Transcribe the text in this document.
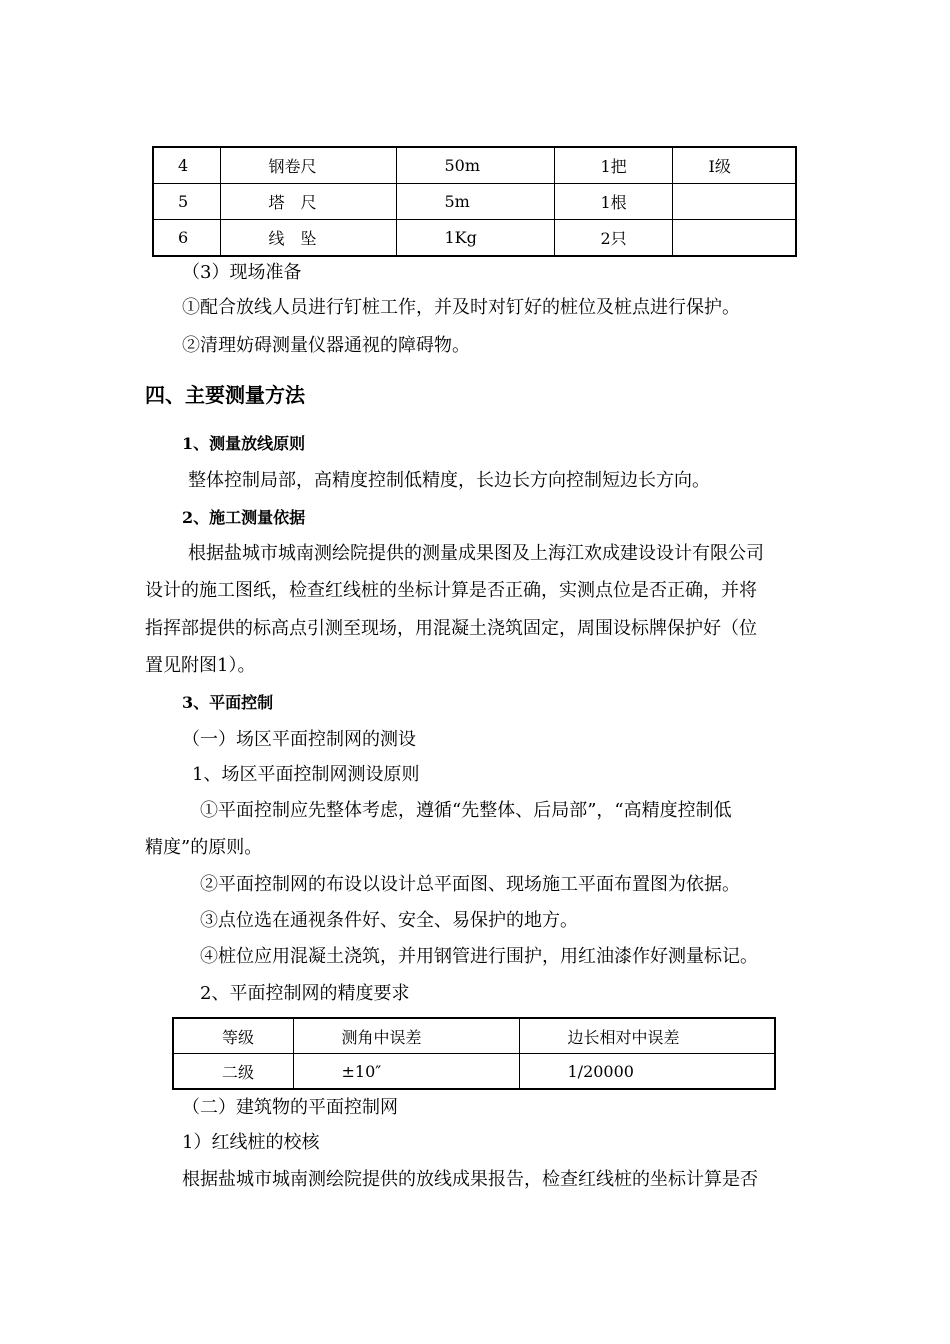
4	钢卷尺	50m	1把	I级
5	塔　尺	5m	1根	
6	线　坠	1Kg	2只	
（3）现场准备
①配合放线人员进行钉桩工作，并及时对钉好的桩位及桩点进行保护。
②清理妨碍测量仪器通视的障碍物。
四、主要测量方法
1、测量放线原则
整体控制局部，高精度控制低精度，长边长方向控制短边长方向。
2、施工测量依据
根据盐城市城南测绘院提供的测量成果图及上海江欢成建设设计有限公司
设计的施工图纸，检查红线桩的坐标计算是否正确，实测点位是否正确，并将
指挥部提供的标高点引测至现场，用混凝土浇筑固定，周围设标牌保护好（位
置见附图1）。
3、平面控制
（一）场区平面控制网的测设
1、场区平面控制网测设原则
①平面控制应先整体考虑，遵循“先整体、后局部”，“高精度控制低
精度”的原则。
②平面控制网的布设以设计总平面图、现场施工平面布置图为依据。
③点位选在通视条件好、安全、易保护的地方。
④桩位应用混凝土浇筑，并用钢管进行围护，用红油漆作好测量标记。
2、平面控制网的精度要求
等级	测角中误差	边长相对中误差
二级	±10″	1/20000
（二）建筑物的平面控制网
1）红线桩的校核
根据盐城市城南测绘院提供的放线成果报告，检查红线桩的坐标计算是否
